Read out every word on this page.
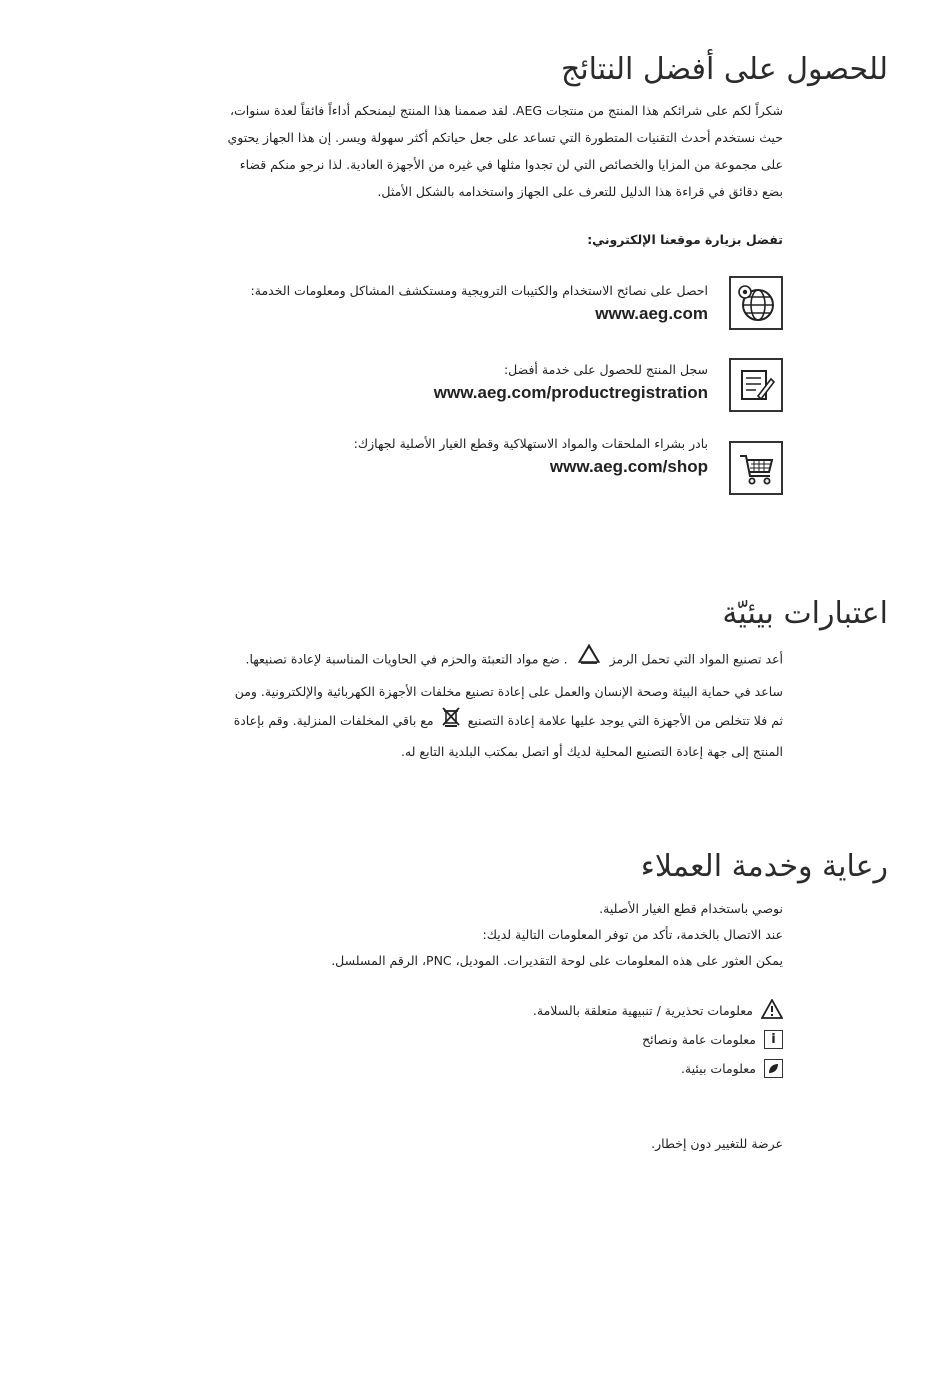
للحصول على أفضل النتائج

شكراً لكم على شرائكم هذا المنتج من منتجات AEG. لقد صممنا هذا المنتج ليمنحكم أداءاً فائقاً لعدة سنوات،

حيث نستخدم أحدث التقنيات المتطورة التي تساعد على جعل حياتكم أكثر سهولة ويسر. إن هذا الجهاز يحتوي

على مجموعة من المزايا والخصائص التي لن تجدوا مثلها في غيره من الأجهزة العادية. لذا نرجو منكم قضاء

بضع دقائق في قراءة هذا الدليل للتعرف على الجهاز واستخدامه بالشكل الأمثل.

تفضل بزيارة موقعنا الإلكتروني:
احصل على نصائح الاستخدام والكتيبات الترويجية ومستكشف المشاكل ومعلومات الخدمة:
www.aeg.com
سجل المنتج للحصول على خدمة أفضل:
www.aeg.com/productregistration
بادر بشراء الملحقات والمواد الاستهلاكية وقطع الغيار الأصلية لجهازك:
www.aeg.com/shop
اعتبارات بيئيّة

أعد تصنيع المواد التي تحمل الرمز  . ضع مواد التعبئة والحزم في الحاويات المناسبة لإعادة تصنيعها.

ساعد في حماية البيئة وصحة الإنسان والعمل على إعادة تصنيع مخلفات الأجهزة الكهربائية والإلكترونية. ومن

ثم فلا تتخلص من الأجهزة التي يوجد عليها علامة إعادة التصنيع  مع باقي المخلفات المنزلية. وقم بإعادة

المنتج إلى جهة إعادة التصنيع المحلية لديك أو اتصل بمكتب البلدية التابع له.

رعاية وخدمة العملاء

نوصي باستخدام قطع الغيار الأصلية.

عند الاتصال بالخدمة، تأكد من توفر المعلومات التالية لديك:

يمكن العثور على هذه المعلومات على لوحة التقديرات. الموديل، PNC، الرقم المسلسل.

معلومات تحذيرية / تنبيهية متعلقة بالسلامة.
i
معلومات عامة ونصائح
معلومات بيئية.
عرضة للتغيير دون إخطار.
